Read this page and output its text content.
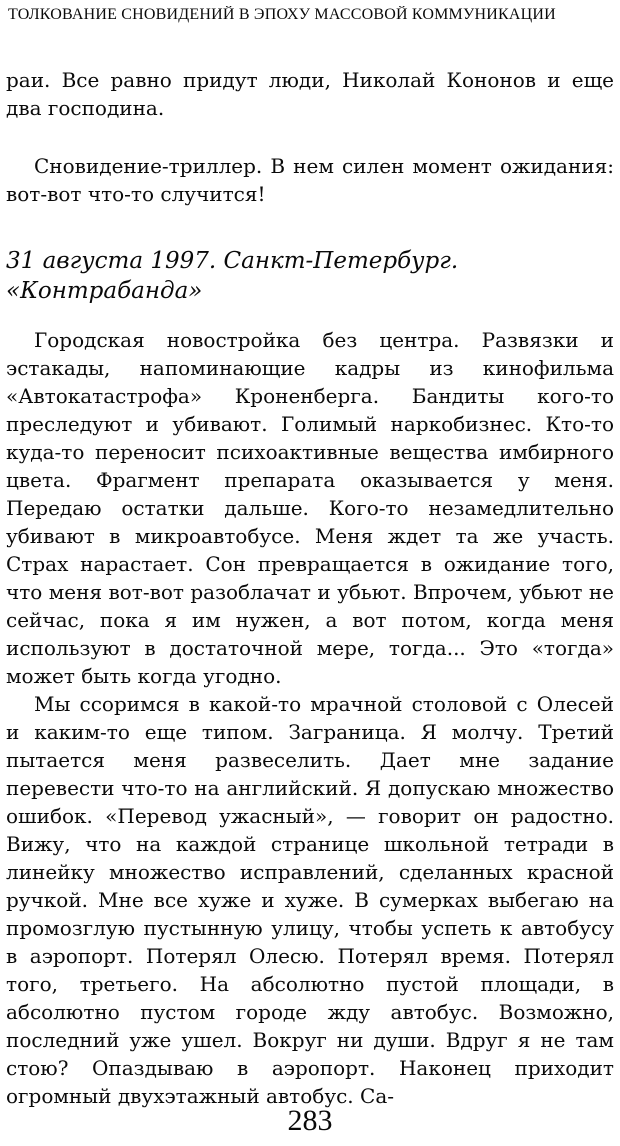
ТОЛКОВАНИЕ СНОВИДЕНИЙ В ЭПОХУ МАССОВОЙ КОММУНИКАЦИИ

раи. Все равно придут люди, Николай Кононов и еще два господина.

Сновидение-триллер. В нем силен момент ожидания: вот-вот что-то случится!

31 августа 1997. Санкт-Петербург.
«Контрабанда»

Городская новостройка без центра. Развязки и эстакады, напоминающие кадры из кинофильма «Автокатастрофа» Кроненберга. Бандиты кого-то преследуют и убивают. Голимый наркобизнес. Кто-то куда-то переносит психоактивные вещества имбирного цвета. Фрагмент препарата оказывается у меня. Передаю остатки дальше. Кого-то незамедлительно убивают в микроавтобусе. Меня ждет та же участь. Страх нарастает. Сон превращается в ожидание того, что меня вот-вот разоблачат и убьют. Впрочем, убьют не сейчас, пока я им нужен, а вот потом, когда меня используют в достаточной мере, тогда... Это «тогда» может быть когда угодно.

Мы ссоримся в какой-то мрачной столовой с Олесей и каким-то еще типом. Заграница. Я молчу. Третий пытается меня развеселить. Дает мне задание перевести что-то на английский. Я допускаю множество ошибок. «Перевод ужасный», — говорит он радостно. Вижу, что на каждой странице школьной тетради в линейку множество исправлений, сделанных красной ручкой. Мне все хуже и хуже. В сумерках выбегаю на промозглую пустынную улицу, чтобы успеть к автобусу в аэропорт. Потерял Олесю. Потерял время. Потерял того, третьего. На абсолютно пустой площади, в абсолютно пустом городе жду автобус. Возможно, последний уже ушел. Вокруг ни души. Вдруг я не там стою? Опаздываю в аэропорт. Наконец приходит огромный двухэтажный автобус. Са-

283
